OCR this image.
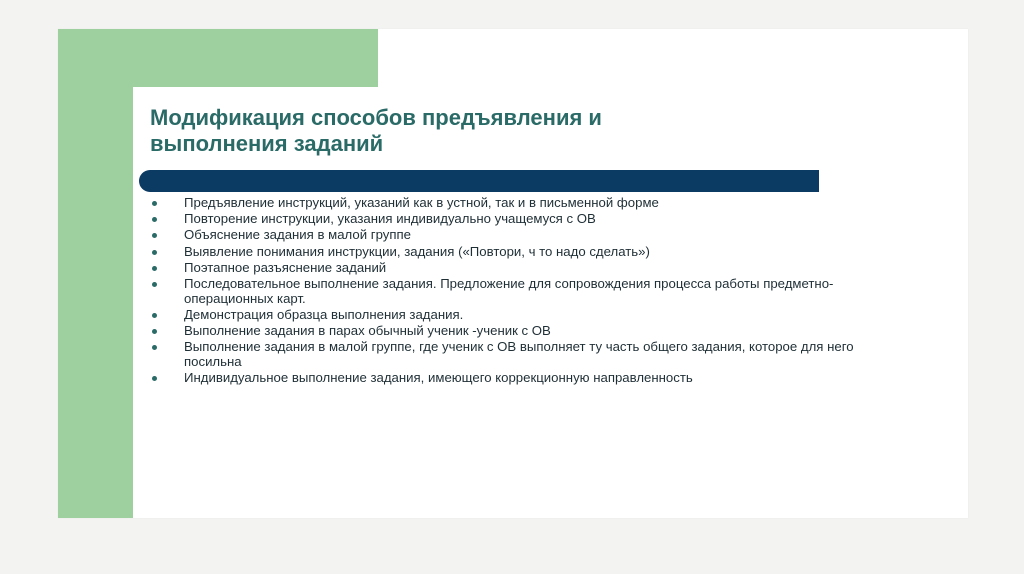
Модификация способов предъявления и
выполнения заданий
Предъявление инструкций, указаний как в устной, так и в письменной форме
Повторение инструкции, указания индивидуально учащемуся с ОВ
Объяснение задания в малой группе
Выявление понимания инструкции, задания («Повтори, ч то надо сделать»)
Поэтапное разъяснение заданий
Последовательное выполнение задания. Предложение для сопровождения процесса работы предметно-операционных карт.
Демонстрация образца выполнения задания.
Выполнение задания в парах обычный ученик -ученик с ОВ
Выполнение задания в малой группе, где ученик с ОВ выполняет ту часть общего задания, которое для него посильна
Индивидуальное выполнение задания, имеющего коррекционную направленность
